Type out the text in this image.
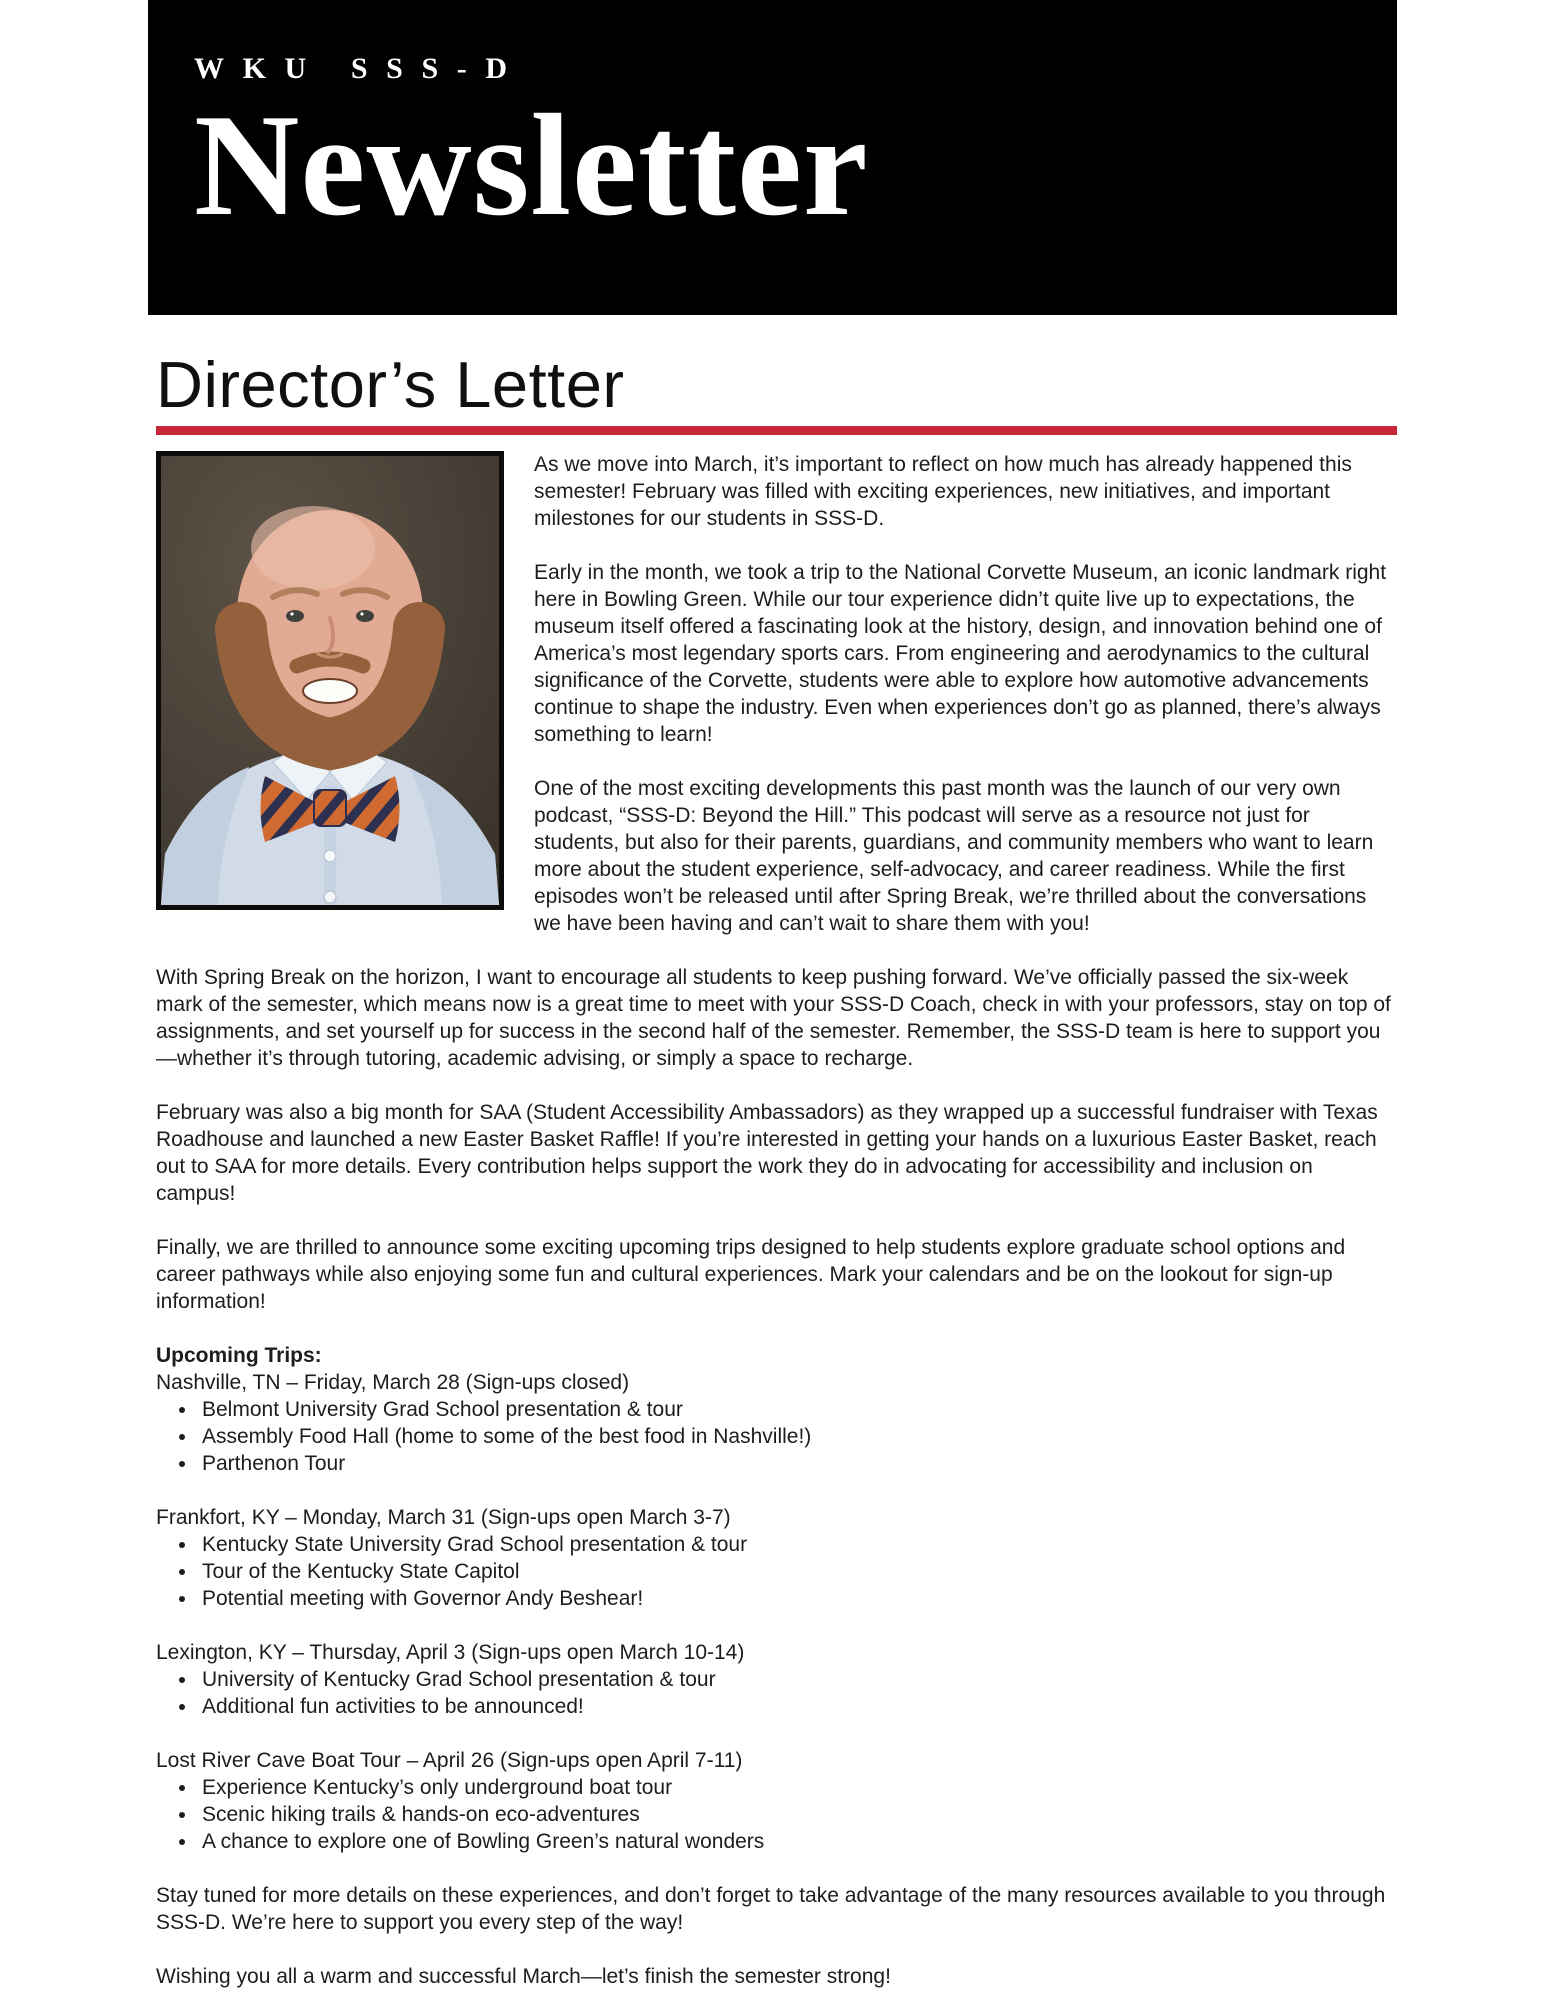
WKU SSS-D
Newsletter
Director’s Letter

As we move into March, it’s important to reflect on how much has already happened this semester! February was filled with exciting experiences, new initiatives, and important milestones for our students in SSS-D.

Early in the month, we took a trip to the National Corvette Museum, an iconic landmark right here in Bowling Green. While our tour experience didn’t quite live up to expectations, the museum itself offered a fascinating look at the history, design, and innovation behind one of America’s most legendary sports cars. From engineering and aerodynamics to the cultural significance of the Corvette, students were able to explore how automotive advancements continue to shape the industry. Even when experiences don’t go as planned, there’s always something to learn!

One of the most exciting developments this past month was the launch of our very own podcast, “SSS-D: Beyond the Hill.” This podcast will serve as a resource not just for students, but also for their parents, guardians, and community members who want to learn more about the student experience, self-advocacy, and career readiness. While the first episodes won’t be released until after Spring Break, we’re thrilled about the conversations we have been having and can’t wait to share them with you!

With Spring Break on the horizon, I want to encourage all students to keep pushing forward. We’ve officially passed the six-week mark of the semester, which means now is a great time to meet with your SSS-D Coach, check in with your professors, stay on top of assignments, and set yourself up for success in the second half of the semester. Remember, the SSS-D team is here to support you—whether it’s through tutoring, academic advising, or simply a space to recharge.

February was also a big month for SAA (Student Accessibility Ambassadors) as they wrapped up a successful fundraiser with Texas Roadhouse and launched a new Easter Basket Raffle! If you’re interested in getting your hands on a luxurious Easter Basket, reach out to SAA for more details. Every contribution helps support the work they do in advocating for accessibility and inclusion on campus!

Finally, we are thrilled to announce some exciting upcoming trips designed to help students explore graduate school options and career pathways while also enjoying some fun and cultural experiences. Mark your calendars and be on the lookout for sign-up information!

Upcoming Trips:

Nashville, TN – Friday, March 28 (Sign-ups closed)

• Belmont University Grad School presentation & tour
• Assembly Food Hall (home to some of the best food in Nashville!)
• Parthenon Tour

Frankfort, KY – Monday, March 31 (Sign-ups open March 3-7)

• Kentucky State University Grad School presentation & tour
• Tour of the Kentucky State Capitol
• Potential meeting with Governor Andy Beshear!

Lexington, KY – Thursday, April 3 (Sign-ups open March 10-14)

• University of Kentucky Grad School presentation & tour
• Additional fun activities to be announced!

Lost River Cave Boat Tour – April 26 (Sign-ups open April 7-11)

• Experience Kentucky’s only underground boat tour
• Scenic hiking trails & hands-on eco-adventures
• A chance to explore one of Bowling Green’s natural wonders

Stay tuned for more details on these experiences, and don’t forget to take advantage of the many resources available to you through SSS-D. We’re here to support you every step of the way!

Wishing you all a warm and successful March—let’s finish the semester strong!
